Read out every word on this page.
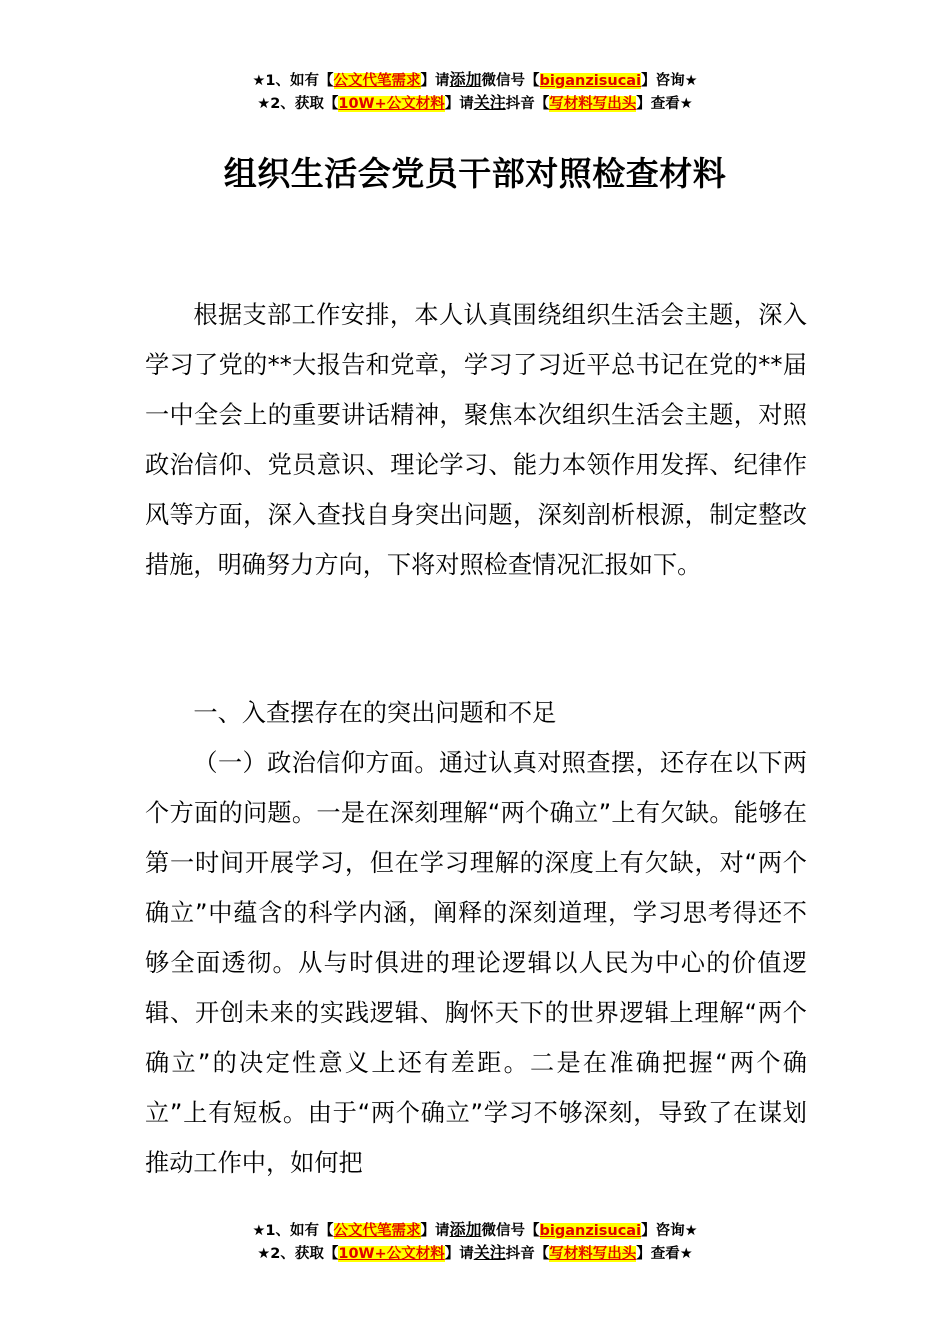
★1、如有【公文代笔需求】请添加微信号【biganzisucai】咨询★
★2、获取【10W+公文材料】请关注抖音【写材料写出头】查看★
组织生活会党员干部对照检查材料

根据支部工作安排，本人认真围绕组织生活会主题，深入学习了党的**大报告和党章，学习了习近平总书记在党的**届一中全会上的重要讲话精神，聚焦本次组织生活会主题，对照政治信仰、党员意识、理论学习、能力本领作用发挥、纪律作风等方面，深入查找自身突出问题，深刻剖析根源，制定整改措施，明确努力方向，下将对照检查情况汇报如下。

一、入查摆存在的突出问题和不足

（一）政治信仰方面。通过认真对照查摆，还存在以下两个方面的问题。一是在深刻理解“两个确立”上有欠缺。能够在第一时间开展学习，但在学习理解的深度上有欠缺，对“两个确立”中蕴含的科学内涵，阐释的深刻道理，学习思考得还不够全面透彻。从与时俱进的理论逻辑以人民为中心的价值逻辑、开创未来的实践逻辑、胸怀天下的世界逻辑上理解“两个确立”的决定性意义上还有差距。二是在准确把握“两个确立”上有短板。由于“两个确立”学习不够深刻，导致了在谋划推动工作中，如何把

★1、如有【公文代笔需求】请添加微信号【biganzisucai】咨询★
★2、获取【10W+公文材料】请关注抖音【写材料写出头】查看★
